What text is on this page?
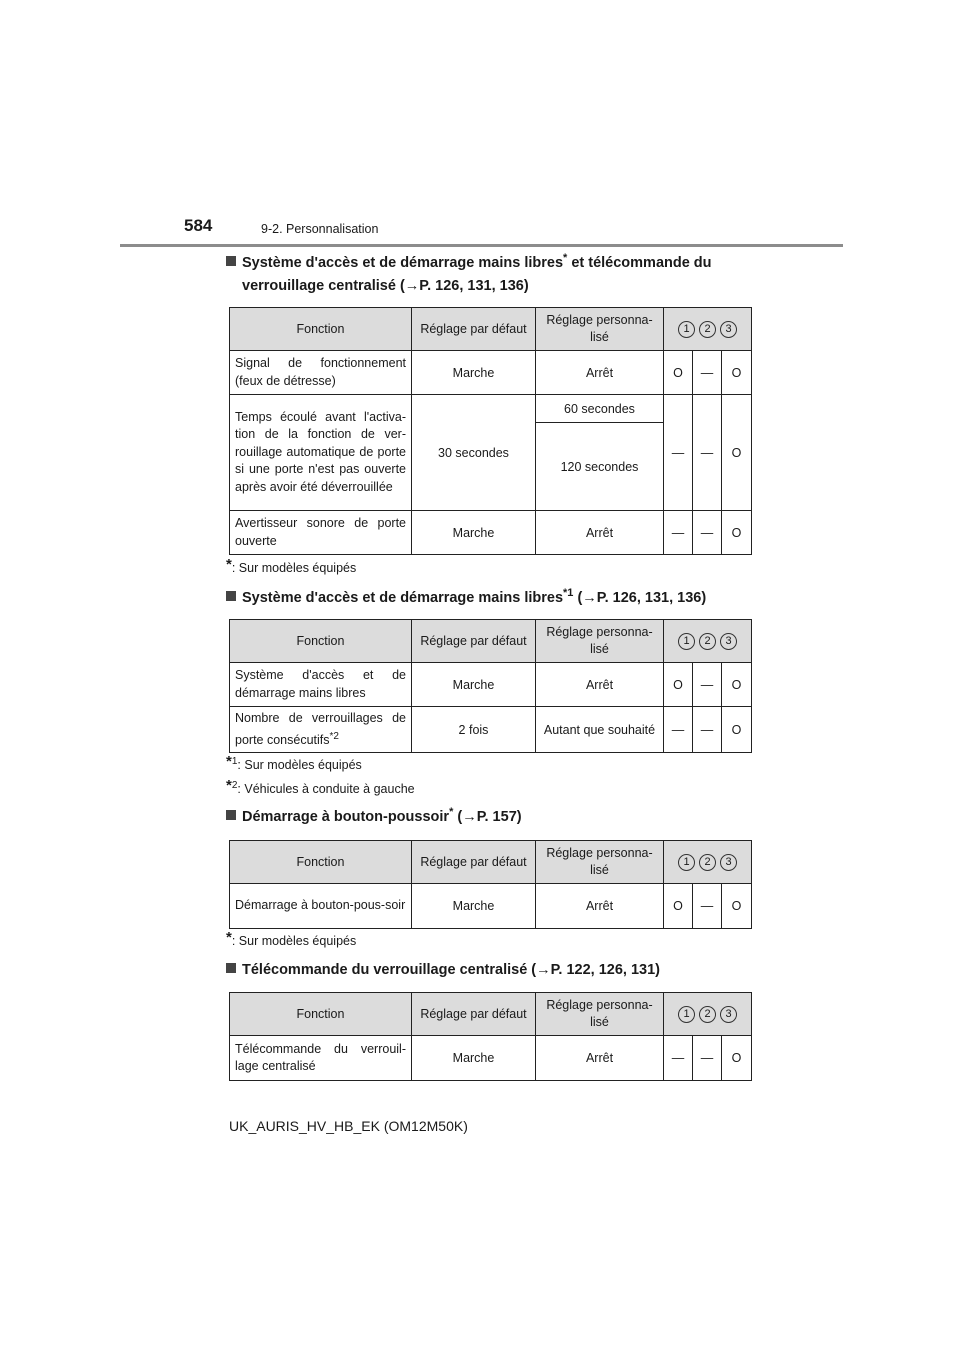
584	9-2. Personnalisation
Système d'accès et de démarrage mains libres* et télécommande du
verrouillage centralisé (→P. 126, 131, 136)
Fonction	Réglage par défaut	Réglage personna-lisé	1 2 3		
Signal de fonctionnement (feux de détresse)	Marche	Arrêt	O	—	O
Temps écoulé avant l'activa-tion de la fonction de ver-rouillage automatique de porte si une porte n'est pas ouverte après avoir été déverrouillée	30 secondes	60 secondes	—	—	O
		120 secondes			
Avertisseur sonore de porte ouverte	Marche	Arrêt	—	—	O
*: Sur modèles équipés
Système d'accès et de démarrage mains libres$^{*1}$ (→P. 126, 131, 136)
Fonction	Réglage par défaut	Réglage personna-lisé	1 2 3		
Système d'accès et de démarrage mains libres	Marche	Arrêt	O	—	O
Nombre de verrouillages de porte consécutifs$^{*2}$	2 fois	Autant que souhaité	—	—	O
*$^1$: Sur modèles équipés
*$^2$: Véhicules à conduite à gauche
Démarrage à bouton-poussoir* (→P. 157)
Fonction	Réglage par défaut	Réglage personna-lisé	1 2 3		
Démarrage à bouton-pous-soir	Marche	Arrêt	O	—	O
*: Sur modèles équipés
Télécommande du verrouillage centralisé (→P. 122, 126, 131)
Fonction	Réglage par défaut	Réglage personna-lisé	1 2 3		
Télécommande du verrouil-lage centralisé	Marche	Arrêt	—	—	O
UK_AURIS_HV_HB_EK (OM12M50K)
